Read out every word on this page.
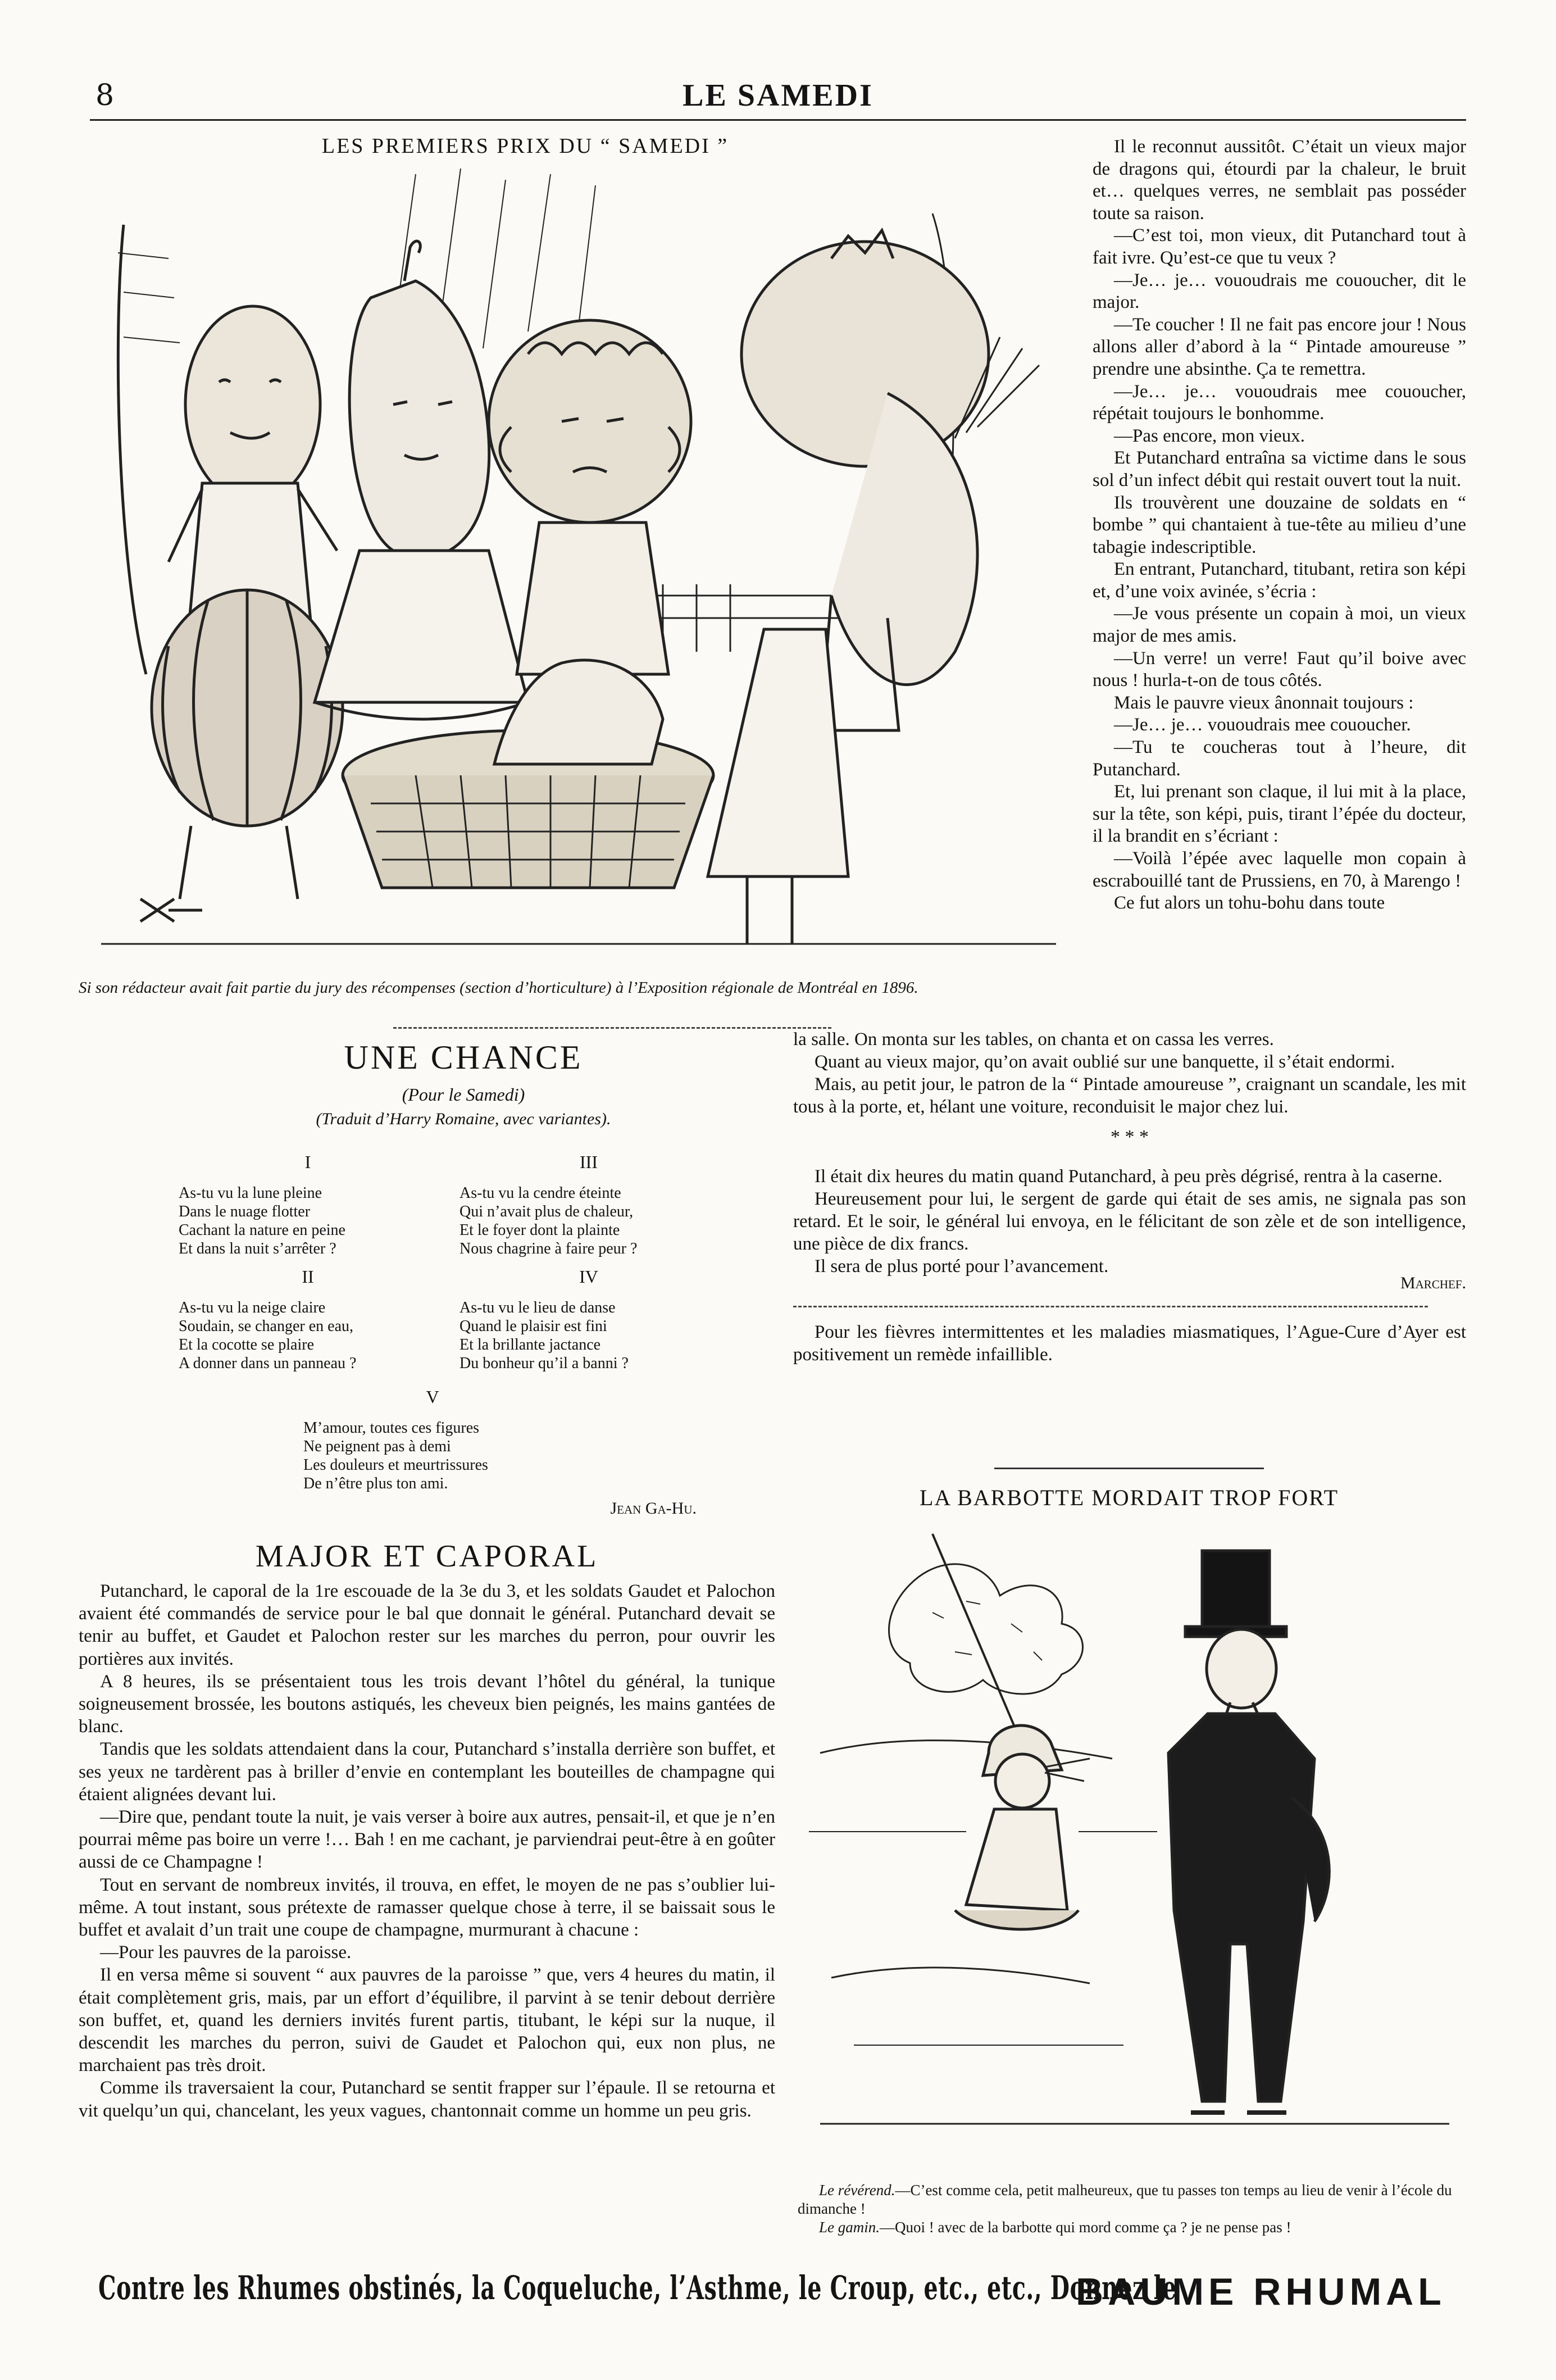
8	LE SAMEDI
LES PREMIERS PRIX DU “ SAMEDI ”
Si son rédacteur avait fait partie du jury des récompenses (section d’horticulture) à l’Exposition régionale de Montréal en 1896.

Il le reconnut aussitôt. C’était un vieux major de dragons qui, étourdi par la chaleur, le bruit et… quelques verres, ne semblait pas posséder toute sa raison.

—C’est toi, mon vieux, dit Putanchard tout à fait ivre. Qu’est-ce que tu veux ?

—Je… je… vououdrais me cououcher, dit le major.

—Te coucher ! Il ne fait pas encore jour ! Nous allons aller d’abord à la “ Pintade amoureuse ” prendre une absinthe. Ça te remettra.

—Je… je… vououdrais mee cououcher, répétait toujours le bonhomme.

—Pas encore, mon vieux.

Et Putanchard entraîna sa victime dans le sous sol d’un infect débit qui restait ouvert tout la nuit.

Ils trouvèrent une douzaine de soldats en “ bombe ” qui chantaient à tue-tête au milieu d’une tabagie indescriptible.

En entrant, Putanchard, titubant, retira son képi et, d’une voix avinée, s’écria :

—Je vous présente un copain à moi, un vieux major de mes amis.

—Un verre! un verre! Faut qu’il boive avec nous ! hurla-t-on de tous côtés.

Mais le pauvre vieux ânonnait toujours :

—Je… je… vououdrais mee cououcher.

—Tu te coucheras tout à l’heure, dit Putanchard.

Et, lui prenant son claque, il lui mit à la place, sur la tête, son képi, puis, tirant l’épée du docteur, il la brandit en s’écriant :

—Voilà l’épée avec laquelle mon copain à escrabouillé tant de Prussiens, en 70, à Marengo !

Ce fut alors un tohu-bohu dans toute

la salle. On monta sur les tables, on chanta et on cassa les verres.

Quant au vieux major, qu’on avait oublié sur une banquette, il s’était endormi.

Mais, au petit jour, le patron de la “ Pintade amoureuse ”, craignant un scandale, les mit tous à la porte, et, hélant une voiture, reconduisit le major chez lui.

* * *

Il était dix heures du matin quand Putanchard, à peu près dégrisé, rentra à la caserne.

Heureusement pour lui, le sergent de garde qui était de ses amis, ne signala pas son retard. Et le soir, le général lui envoya, en le félicitant de son zèle et de son intelligence, une pièce de dix francs.

Il sera de plus porté pour l’avancement.

Marchef.

Pour les fièvres intermittentes et les maladies miasmatiques, l’Ague-Cure d’Ayer est positivement un remède infaillible.

UNE CHANCE
(Pour le Samedi)
(Traduit d’Harry Romaine, avec variantes).
I
As-tu vu la lune pleine
Dans le nuage flotter
Cachant la nature en peine
Et dans la nuit s’arrêter ?
II
As-tu vu la neige claire
Soudain, se changer en eau,
Et la cocotte se plaire
A donner dans un panneau ?
III
As-tu vu la cendre éteinte
Qui n’avait plus de chaleur,
Et le foyer dont la plainte
Nous chagrine à faire peur ?
IV
As-tu vu le lieu de danse
Quand le plaisir est fini
Et la brillante jactance
Du bonheur qu’il a banni ?
V
M’amour, toutes ces figures
Ne peignent pas à demi
Les douleurs et meurtrissures
De n’être plus ton ami.
Jean Ga-Hu.
MAJOR ET CAPORAL

Putanchard, le caporal de la 1re escouade de la 3e du 3, et les soldats Gaudet et Palochon avaient été commandés de service pour le bal que donnait le général. Putanchard devait se tenir au buffet, et Gaudet et Palochon rester sur les marches du perron, pour ouvrir les portières aux invités.

A 8 heures, ils se présentaient tous les trois devant l’hôtel du général, la tunique soigneusement brossée, les boutons astiqués, les cheveux bien peignés, les mains gantées de blanc.

Tandis que les soldats attendaient dans la cour, Putanchard s’installa derrière son buffet, et ses yeux ne tardèrent pas à briller d’envie en contemplant les bouteilles de champagne qui étaient alignées devant lui.

—Dire que, pendant toute la nuit, je vais verser à boire aux autres, pensait-il, et que je n’en pourrai même pas boire un verre !… Bah ! en me cachant, je parviendrai peut-être à en goûter aussi de ce Champagne !

Tout en servant de nombreux invités, il trouva, en effet, le moyen de ne pas s’oublier lui-même. A tout instant, sous prétexte de ramasser quelque chose à terre, il se baissait sous le buffet et avalait d’un trait une coupe de champagne, murmurant à chacune :

—Pour les pauvres de la paroisse.

Il en versa même si souvent “ aux pauvres de la paroisse ” que, vers 4 heures du matin, il était complètement gris, mais, par un effort d’équilibre, il parvint à se tenir debout derrière son buffet, et, quand les derniers invités furent partis, titubant, le képi sur la nuque, il descendit les marches du perron, suivi de Gaudet et Palochon qui, eux non plus, ne marchaient pas très droit.

Comme ils traversaient la cour, Putanchard se sentit frapper sur l’épaule. Il se retourna et vit quelqu’un qui, chancelant, les yeux vagues, chantonnait comme un homme un peu gris.

LA BARBOTTE MORDAIT TROP FORT
Le révérend.—C’est comme cela, petit malheureux, que tu passes ton temps au lieu de venir à l’école du dimanche !
Le gamin.—Quoi ! avec de la barbotte qui mord comme ça ? je ne pense pas !
Contre les Rhumes obstinés, la Coqueluche, l’Asthme, le Croup, etc., etc., Donnez le
BAUME RHUMAL
